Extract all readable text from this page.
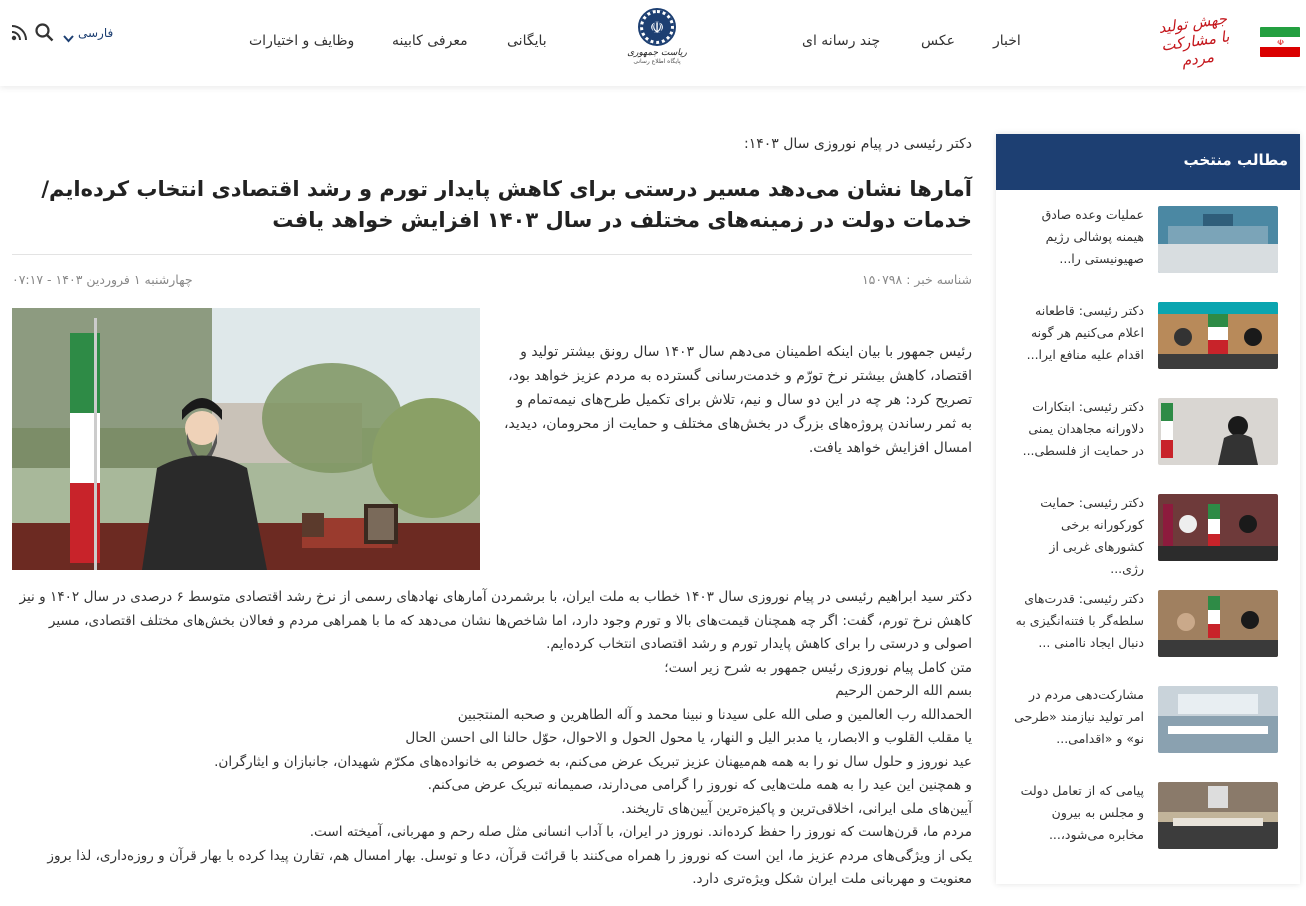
☫
جهش تولید با مشارکت مردم
اخبار
عکس
چند رسانه ای
☫
ریاست جمهوری
پایگاه اطلاع رسانی
بایگانی
معرفی کابینه
وظایف و اختیارات
فارسی
دکتر رئیسی در پیام نوروزی سال ۱۴۰۳:
آمارها نشان می‌دهد مسیر درستی برای کاهش پایدار تورم و رشد اقتصادی انتخاب کرده‌ایم/ خدمات دولت در زمینه‌های مختلف در سال ۱۴۰۳ افزایش خواهد یافت
شناسه خبر : ۱۵۰۷۹۸
چهارشنبه ۱ فروردین ۱۴۰۳ - ۰۷:۱۷

رئیس جمهور با بیان اینکه اطمینان می‌دهم سال ۱۴۰۳ سال رونق بیشتر تولید و اقتصاد، کاهش بیشتر نرخ تورّم و خدمت‌رسانی گسترده به مردم عزیز خواهد بود، تصریح کرد: هر چه در این دو سال و نیم، تلاش برای تکمیل طرح‌های نیمه‌تمام و به ثمر رساندن پروژه‌های بزرگ در بخش‌های مختلف و حمایت از محرومان، دیدید، امسال افزایش خواهد یافت.

دکتر سید ابراهیم رئیسی در پیام نوروزی سال ۱۴۰۳ خطاب به ملت ایران، با برشمردن آمارهای نهادهای رسمی از نرخ رشد اقتصادی متوسط ۶ درصدی در سال ۱۴۰۲ و نیز کاهش نرخ تورم، گفت: اگر چه همچنان قیمت‌های بالا و تورم وجود دارد، اما شاخص‌ها نشان می‌دهد که ما با همراهی مردم و فعالان بخش‌های مختلف اقتصادی، مسیر اصولی و درستی را برای کاهش پایدار تورم و رشد اقتصادی انتخاب کرده‌ایم.

متن کامل پیام نوروزی رئیس جمهور به شرح زیر است؛

بسم الله الرحمن الرحیم

الحمدالله رب العالمین و صلی الله علی سیدنا و نبینا محمد و آله الطاهرین و صحبه المنتجبین

یا مقلب القلوب و الابصار، یا مدبر الیل و النهار، یا محول الحول و الاحوال، حوّل حالنا الی احسن الحال

عید نوروز و حلول سال نو را به همه هم‌میهنان عزیز تبریک عرض می‌کنم، به خصوص به خانواده‌های مکرّم شهیدان، جانبازان و ایثارگران.

و همچنین این عید را به همه ملت‌هایی که نوروز را گرامی می‌دارند، صمیمانه تبریک عرض می‌کنم.

آیین‌های ملی ایرانی، اخلاقی‌ترین و پاکیزه‌ترین آیین‌های تاریخند.

مردم ما، قرن‌هاست که نوروز را حفظ کرده‌اند. نوروز در ایران، با آداب انسانی مثل صله رحم و مهربانی، آمیخته است.

یکی از ویژگی‌های مردم عزیز ما، این است که نوروز را همراه می‌کنند با قرائت قرآن، دعا و توسل. بهار امسال هم، تقارن پیدا کرده با بهار قرآن و روزه‌داری، لذا بروز معنویت و مهربانی ملت ایران شکل ویژه‌تری دارد.

مطالب منتخب
عملیات وعده صادق هیمنه پوشالی رژیم صهیونیستی را...
دکتر رئیسی: قاطعانه اعلام می‌کنیم هر گونه اقدام علیه منافع ایرا...
دکتر رئیسی: ابتکارات دلاورانه مجاهدان یمنی در حمایت از فلسطی...
دکتر رئیسی: حمایت کورکورانه برخی کشورهای غربی از رژی...
دکتر رئیسی: قدرت‌های سلطه‌گر با فتنه‌انگیزی به دنبال ایجاد ناامنی ...
مشارکت‌دهی مردم در امر تولید نیازمند «طرحی نو» و «اقدامی...
پیامی که از تعامل دولت و مجلس به بیرون مخابره می‌شود،...
